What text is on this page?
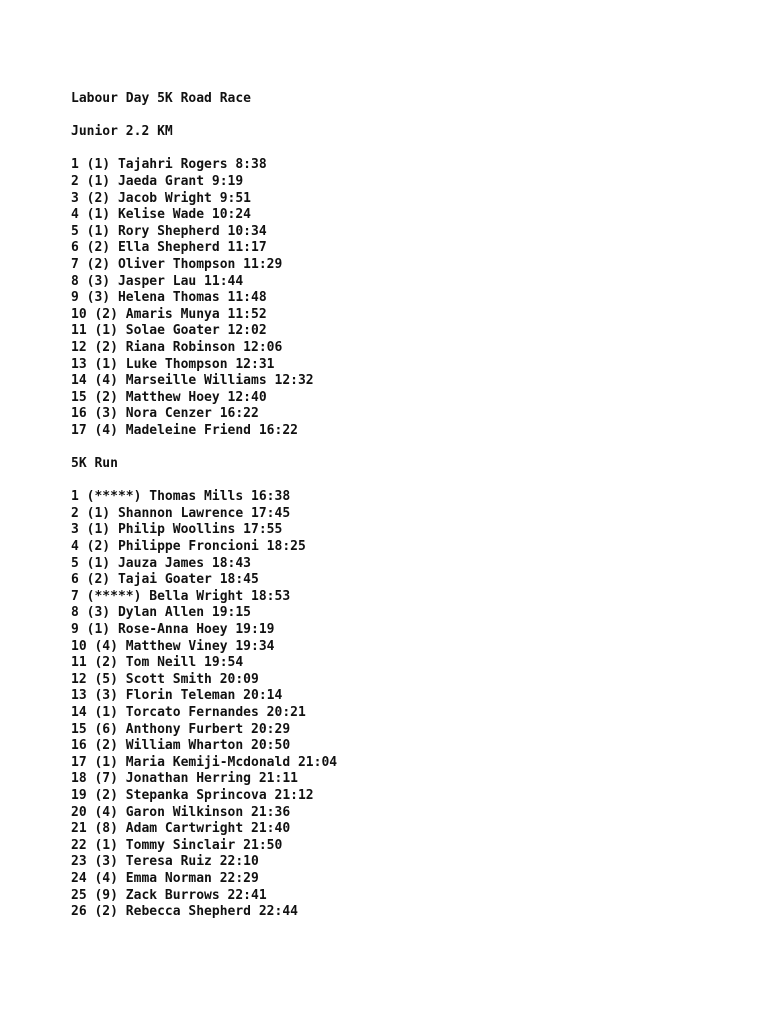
Labour Day 5K Road Race
Junior 2.2 KM
1 (1) Tajahri Rogers 8:38
2 (1) Jaeda Grant 9:19
3 (2) Jacob Wright 9:51
4 (1) Kelise Wade 10:24
5 (1) Rory Shepherd 10:34
6 (2) Ella Shepherd 11:17
7 (2) Oliver Thompson 11:29
8 (3) Jasper Lau 11:44
9 (3) Helena Thomas 11:48
10 (2) Amaris Munya 11:52
11 (1) Solae Goater 12:02
12 (2) Riana Robinson 12:06
13 (1) Luke Thompson 12:31
14 (4) Marseille Williams 12:32
15 (2) Matthew Hoey 12:40
16 (3) Nora Cenzer 16:22
17 (4) Madeleine Friend 16:22
5K Run
1 (*****) Thomas Mills 16:38
2 (1) Shannon Lawrence 17:45
3 (1) Philip Woollins 17:55
4 (2) Philippe Froncioni 18:25
5 (1) Jauza James 18:43
6 (2) Tajai Goater 18:45
7 (*****) Bella Wright 18:53
8 (3) Dylan Allen 19:15
9 (1) Rose-Anna Hoey 19:19
10 (4) Matthew Viney 19:34
11 (2) Tom Neill 19:54
12 (5) Scott Smith 20:09
13 (3) Florin Teleman 20:14
14 (1) Torcato Fernandes 20:21
15 (6) Anthony Furbert 20:29
16 (2) William Wharton 20:50
17 (1) Maria Kemiji-Mcdonald 21:04
18 (7) Jonathan Herring 21:11
19 (2) Stepanka Sprincova 21:12
20 (4) Garon Wilkinson 21:36
21 (8) Adam Cartwright 21:40
22 (1) Tommy Sinclair 21:50
23 (3) Teresa Ruiz 22:10
24 (4) Emma Norman 22:29
25 (9) Zack Burrows 22:41
26 (2) Rebecca Shepherd 22:44
